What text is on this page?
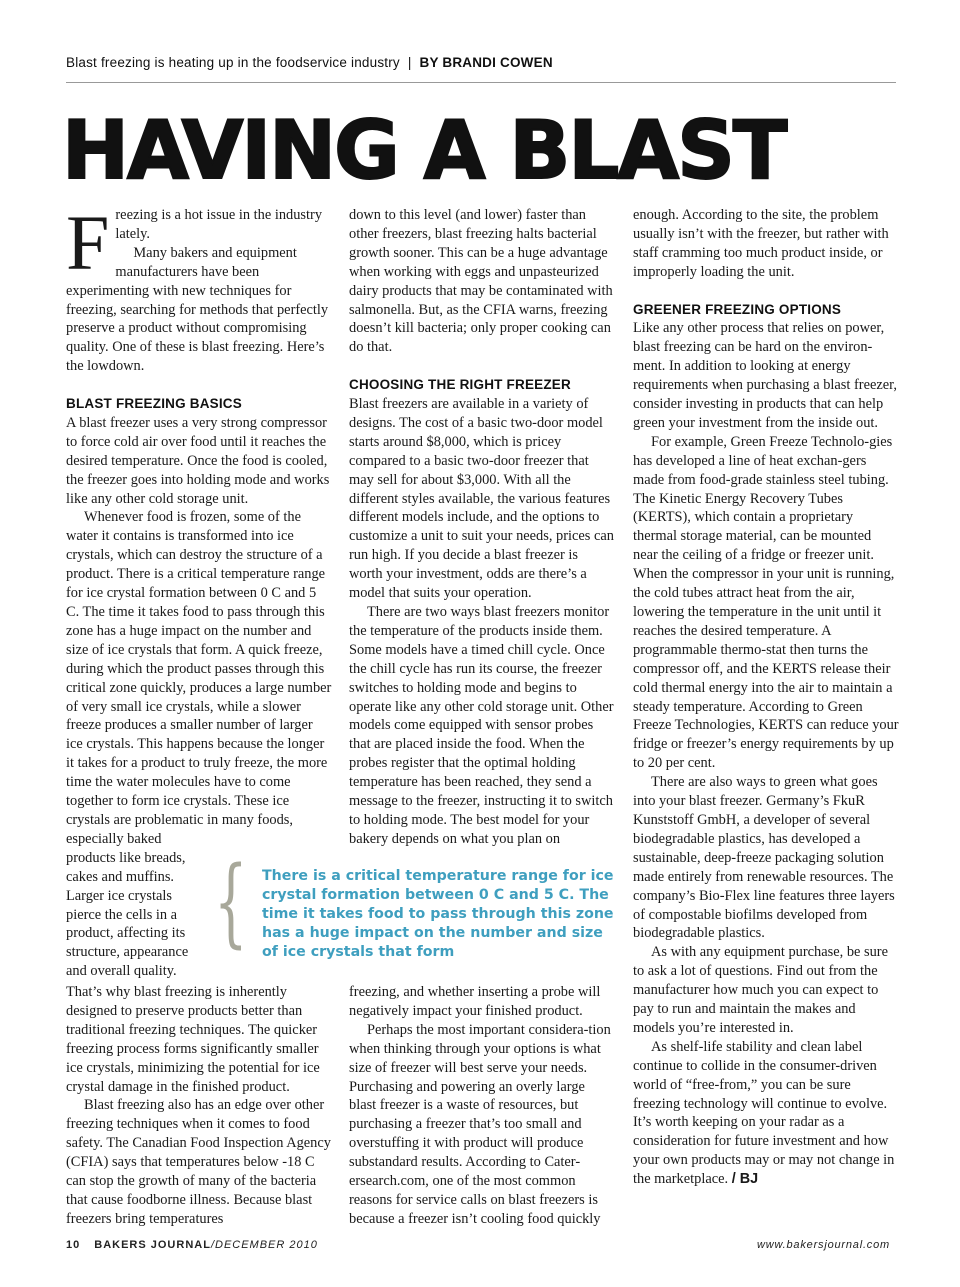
Blast freezing is heating up in the foodservice industry | BY BRANDI COWEN
HAVING A BLAST
F reezing is a hot issue in the industry lately.
Many bakers and equipment manufacturers have been experimenting with new techniques for freezing, searching for methods that perfectly preserve a product without compromising quality. One of these is blast freezing. Here’s the lowdown.

BLAST FREEZING BASICS

A blast freezer uses a very strong compressor to force cold air over food until it reaches the desired temperature. Once the food is cooled, the freezer goes into holding mode and works like any other cold storage unit.

Whenever food is frozen, some of the water it contains is transformed into ice crystals, which can destroy the structure of a product. There is a critical temperature range for ice crystal formation between 0 C and 5 C. The time it takes food to pass through this zone has a huge impact on the number and size of ice crystals that form. A quick freeze, during which the product passes through this critical zone quickly, produces a large number of very small ice crystals, while a slower freeze produces a smaller number of larger ice crystals. This happens because the longer it takes for a product to truly freeze, the more time the water molecules have to come together to form ice crystals. These ice crystals are problematic in many foods, especially baked

products like breads, cakes and muffins. Larger ice crystals pierce the cells in a product, affecting its structure, appearance and overall quality.

That’s why blast freezing is inherently designed to preserve products better than traditional freezing techniques. The quicker freezing process forms significantly smaller ice crystals, minimizing the potential for ice crystal damage in the finished product.

Blast freezing also has an edge over other freezing techniques when it comes to food safety. The Canadian Food Inspection Agency (CFIA) says that temperatures below -18 C can stop the growth of many of the bacteria that cause foodborne illness. Because blast freezers bring temperatures

down to this level (and lower) faster than other freezers, blast freezing halts bacterial growth sooner. This can be a huge advantage when working with eggs and unpasteurized dairy products that may be contaminated with salmonella. But, as the CFIA warns, freezing doesn’t kill bacteria; only proper cooking can do that.

CHOOSING THE RIGHT FREEZER

Blast freezers are available in a variety of designs. The cost of a basic two-door model starts around $8,000, which is pricey compared to a basic two-door freezer that may sell for about $3,000. With all the different styles available, the various features different models include, and the options to customize a unit to suit your needs, prices can run high. If you decide a blast freezer is worth your investment, odds are there’s a model that suits your operation.

There are two ways blast freezers monitor the temperature of the products inside them. Some models have a timed chill cycle. Once the chill cycle has run its course, the freezer switches to holding mode and begins to operate like any other cold storage unit. Other models come equipped with sensor probes that are placed inside the food. When the probes register that the optimal holding temperature has been reached, they send a message to the freezer, instructing it to switch to holding mode. The best model for your bakery depends on what you plan on

freezing, and whether inserting a probe will negatively impact your finished product.

Perhaps the most important considera-tion when thinking through your options is what size of freezer will best serve your needs. Purchasing and powering an overly large blast freezer is a waste of resources, but purchasing a freezer that’s too small and overstuffing it with product will produce substandard results. According to Cater-ersearch.com, one of the most common reasons for service calls on blast freezers is because a freezer isn’t cooling food quickly

{ There is a critical temperature range for ice crystal formation between 0 C and 5 C. The time it takes food to pass through this zone has a huge impact on the number and size of ice crystals that form

enough. According to the site, the problem usually isn’t with the freezer, but rather with staff cramming too much product inside, or improperly loading the unit.

GREENER FREEZING OPTIONS

Like any other process that relies on power, blast freezing can be hard on the environ-ment. In addition to looking at energy requirements when purchasing a blast freezer, consider investing in products that can help green your investment from the inside out.

For example, Green Freeze Technolo-gies has developed a line of heat exchan-gers made from food-grade stainless steel tubing. The Kinetic Energy Recovery Tubes (KERTS), which contain a proprietary thermal storage material, can be mounted near the ceiling of a fridge or freezer unit. When the compressor in your unit is running, the cold tubes attract heat from the air, lowering the temperature in the unit until it reaches the desired temperature. A programmable thermo-stat then turns the compressor off, and the KERTS release their cold thermal energy into the air to maintain a steady temperature. According to Green Freeze Technologies, KERTS can reduce your fridge or freezer’s energy requirements by up to 20 per cent.

There are also ways to green what goes into your blast freezer. Germany’s FkuR Kunststoff GmbH, a developer of several biodegradable plastics, has developed a sustainable, deep-freeze packaging solution made entirely from renewable resources. The company’s Bio-Flex line features three layers of compostable biofilms developed from biodegradable plastics.

As with any equipment purchase, be sure to ask a lot of questions. Find out from the manufacturer how much you can expect to pay to run and maintain the makes and models you’re interested in.

As shelf-life stability and clean label continue to collide in the consumer-driven world of “free-from,” you can be sure freezing technology will continue to evolve. It’s worth keeping on your radar as a consideration for future investment and how your own products may or may not change in the marketplace. / BJ

10 BAKERS JOURNAL/DECEMBER 2010	www.bakersjournal.com
